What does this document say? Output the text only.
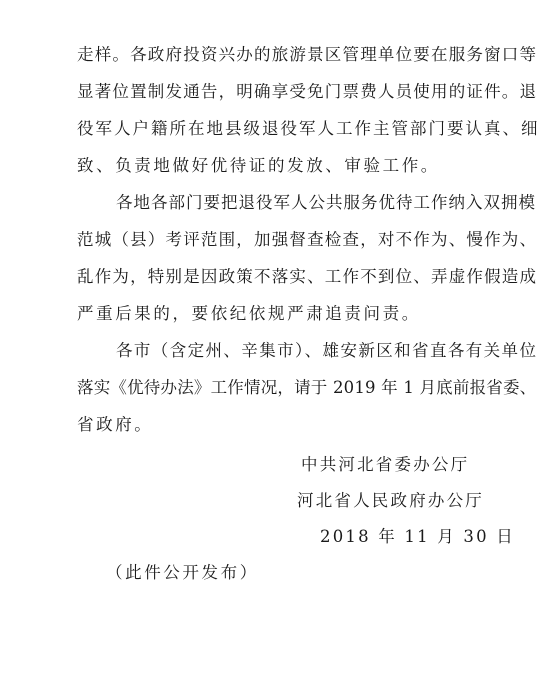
走样。各政府投资兴办的旅游景区管理单位要在服务窗口等
显著位置制发通告，明确享受免门票费人员使用的证件。退
役军人户籍所在地县级退役军人工作主管部门要认真、细
致、负责地做好优待证的发放、审验工作。
各地各部门要把退役军人公共服务优待工作纳入双拥模
范城（县）考评范围，加强督查检查，对不作为、慢作为、
乱作为，特别是因政策不落实、工作不到位、弄虚作假造成
严重后果的，要依纪依规严肃追责问责。
各市（含定州、辛集市）、雄安新区和省直各有关单位
落实《优待办法》工作情况，请于 2019 年 1 月底前报省委、
省政府。
中共河北省委办公厅
河北省人民政府办公厅
2018 年 11 月 30 日
（此件公开发布）
